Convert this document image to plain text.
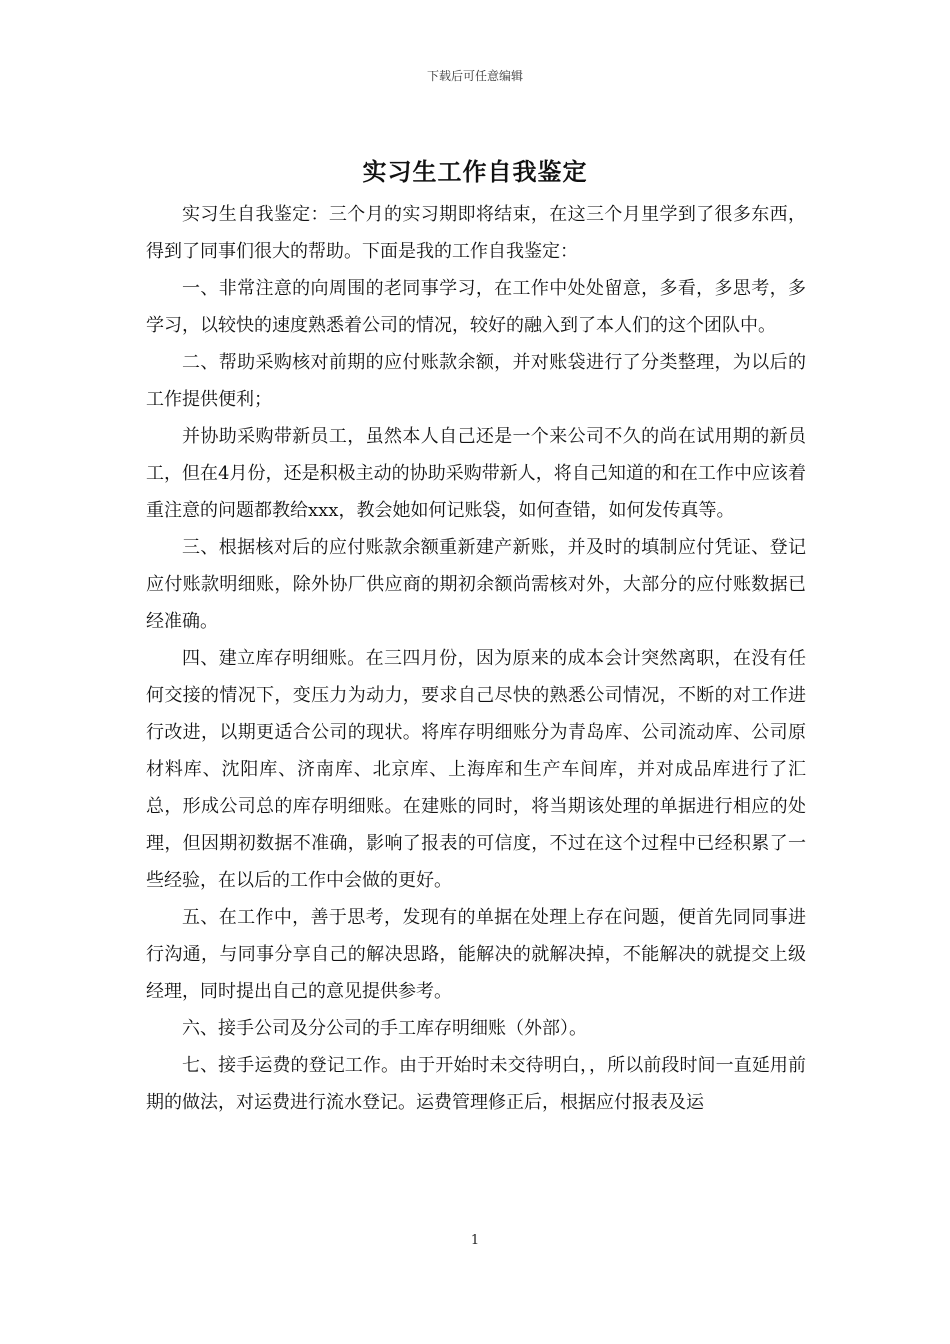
下载后可任意编辑
实习生工作自我鉴定

实习生自我鉴定：三个月的实习期即将结束，在这三个月里学到了很多东西，得到了同事们很大的帮助。下面是我的工作自我鉴定：

一、非常注意的向周围的老同事学习，在工作中处处留意，多看，多思考，多学习，以较快的速度熟悉着公司的情况，较好的融入到了本人们的这个团队中。

二、帮助采购核对前期的应付账款余额，并对账袋进行了分类整理，为以后的工作提供便利；

并协助采购带新员工，虽然本人自己还是一个来公司不久的尚在试用期的新员工，但在4月份，还是积极主动的协助采购带新人，将自己知道的和在工作中应该着重注意的问题都教给xxx，教会她如何记账袋，如何查错，如何发传真等。

三、根据核对后的应付账款余额重新建产新账，并及时的填制应付凭证、登记应付账款明细账，除外协厂供应商的期初余额尚需核对外，大部分的应付账数据已经准确。

四、建立库存明细账。在三四月份，因为原来的成本会计突然离职，在没有任何交接的情况下，变压力为动力，要求自己尽快的熟悉公司情况，不断的对工作进行改进，以期更适合公司的现状。将库存明细账分为青岛库、公司流动库、公司原材料库、沈阳库、济南库、北京库、上海库和生产车间库，并对成品库进行了汇总，形成公司总的库存明细账。在建账的同时，将当期该处理的单据进行相应的处理，但因期初数据不准确，影响了报表的可信度，不过在这个过程中已经积累了一些经验，在以后的工作中会做的更好。

五、在工作中，善于思考，发现有的单据在处理上存在问题，便首先同同事进行沟通，与同事分享自己的解决思路，能解决的就解决掉，不能解决的就提交上级经理，同时提出自己的意见提供参考。

六、接手公司及分公司的手工库存明细账（外部）。

七、接手运费的登记工作。由于开始时未交待明白，，所以前段时间一直延用前期的做法，对运费进行流水登记。运费管理修正后，根据应付报表及运

1
